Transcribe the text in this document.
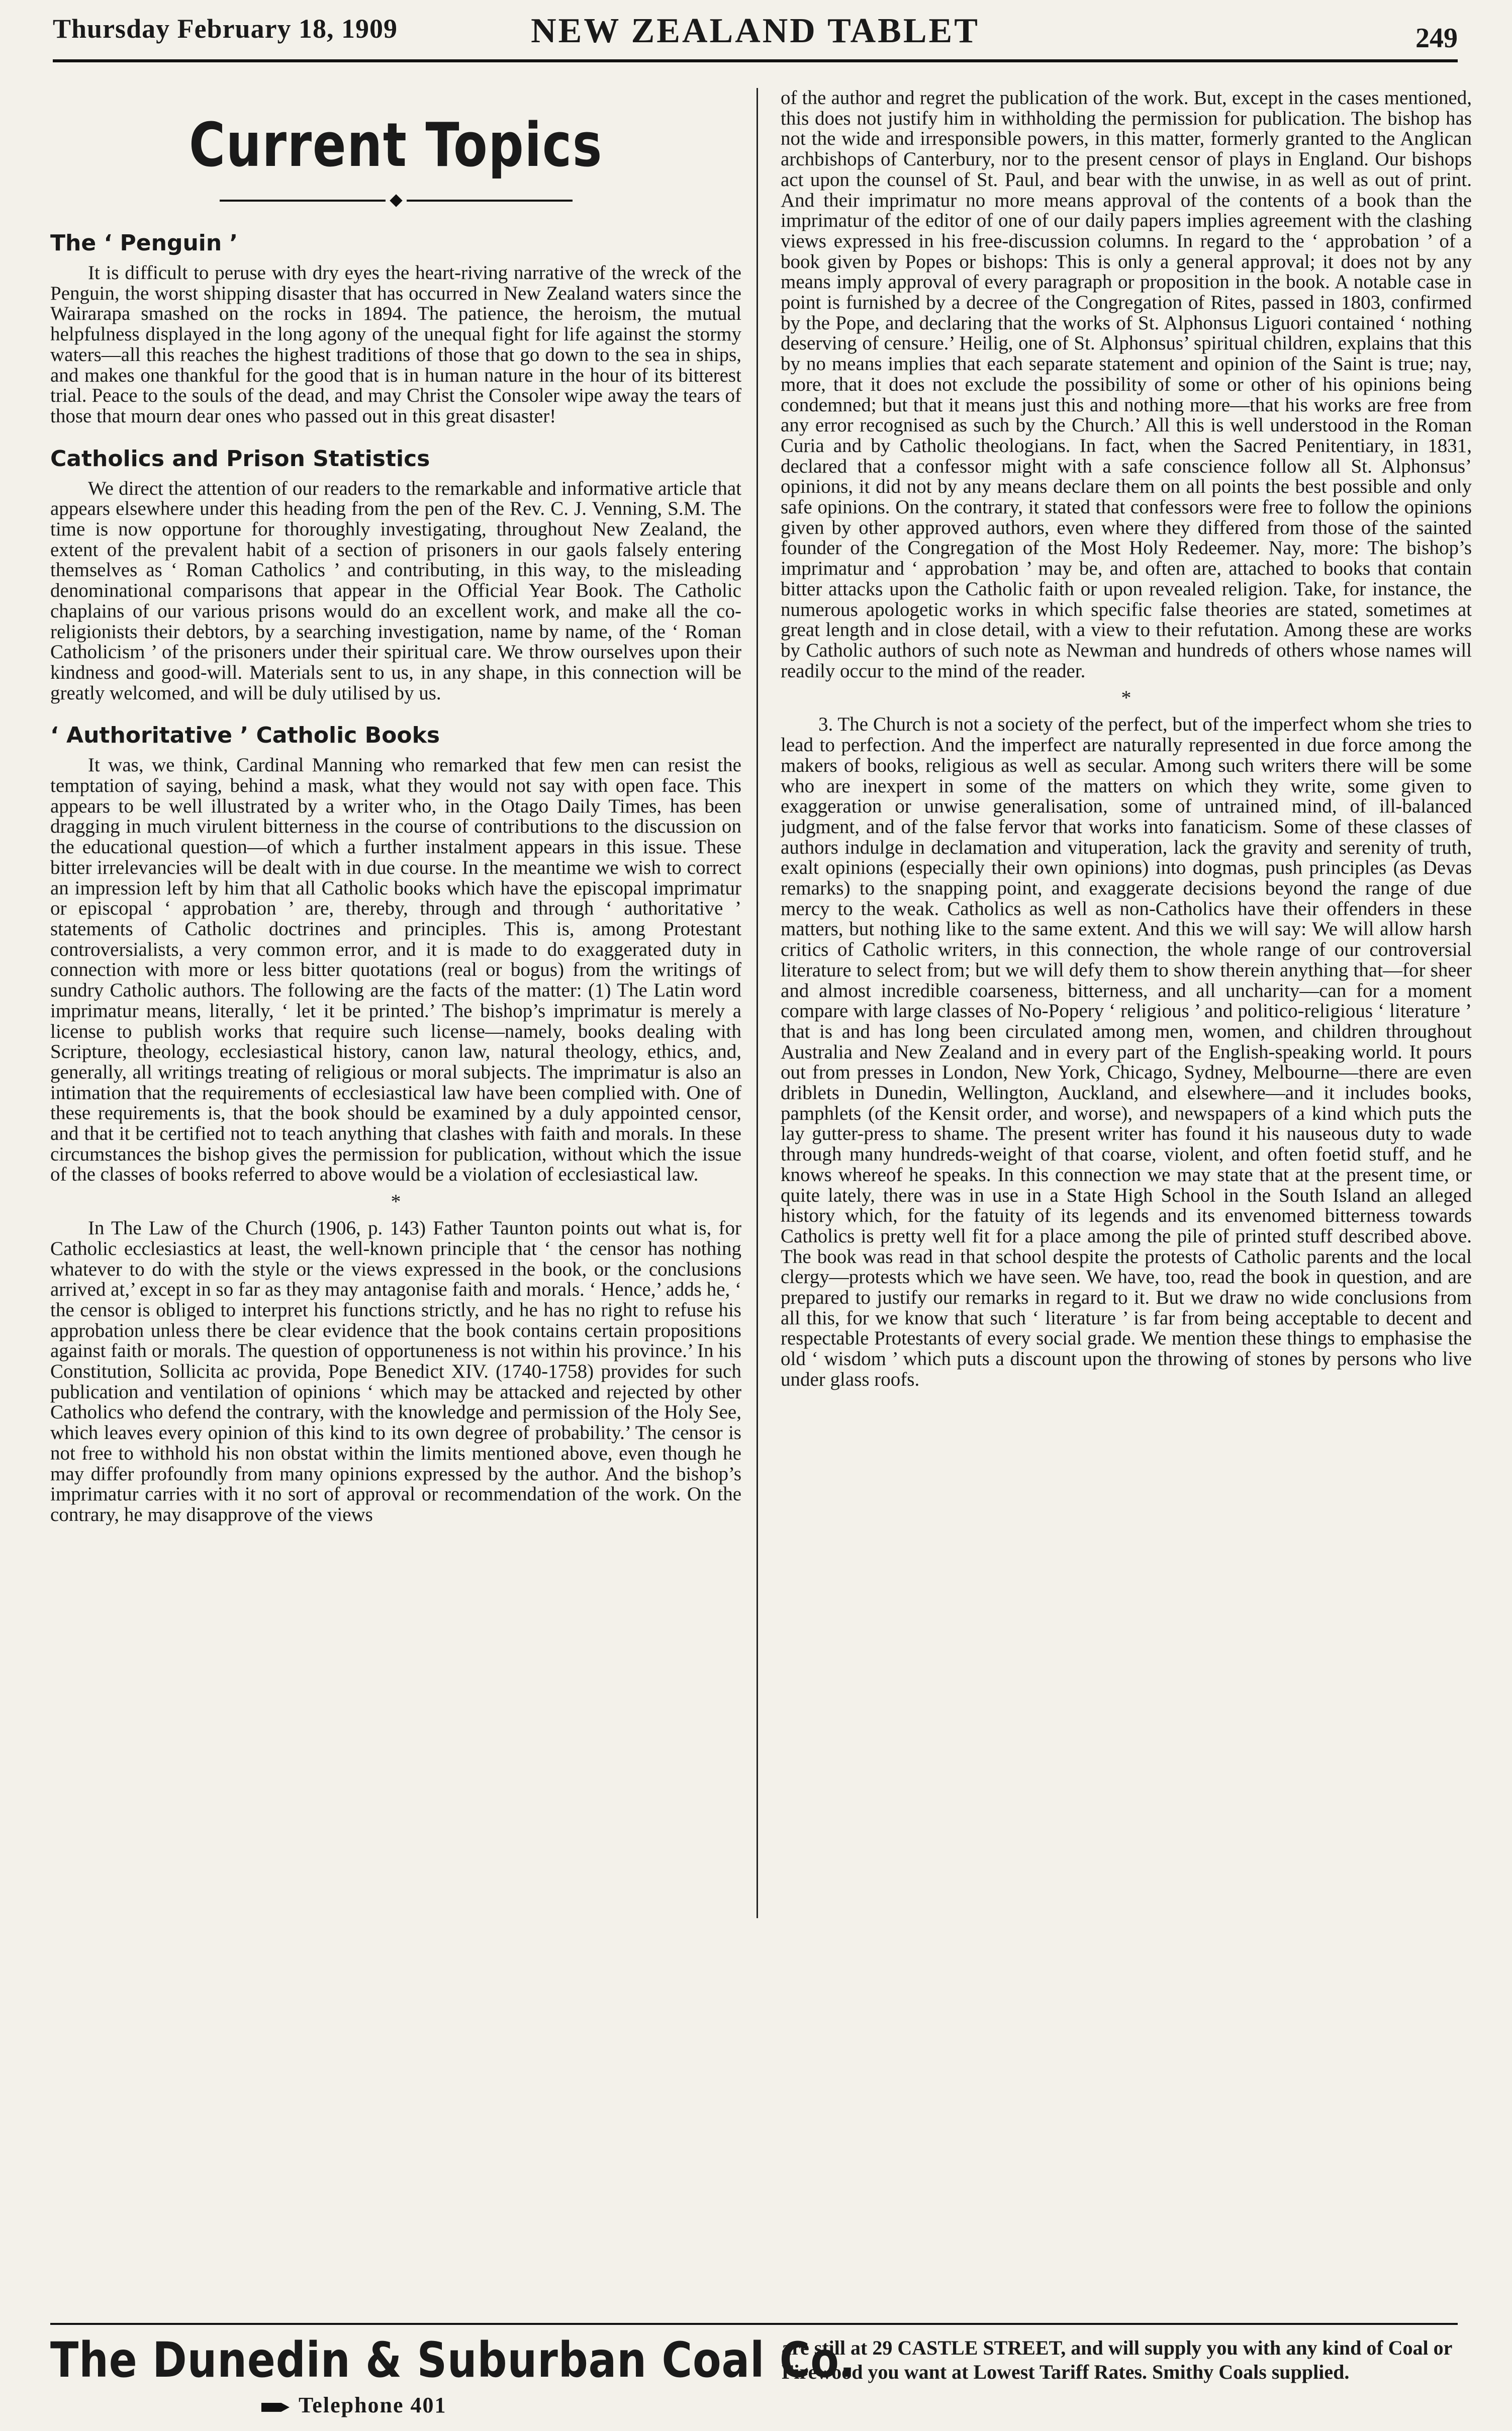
Thursday February 18, 1909	NEW ZEALAND TABLET	249
Current Topics
The ‘ Penguin ’

It is difficult to peruse with dry eyes the heart-riving narrative of the wreck of the Penguin, the worst shipping disaster that has occurred in New Zealand waters since the Wairarapa smashed on the rocks in 1894. The patience, the heroism, the mutual helpfulness displayed in the long agony of the unequal fight for life against the stormy waters—all this reaches the highest traditions of those that go down to the sea in ships, and makes one thankful for the good that is in human nature in the hour of its bitterest trial. Peace to the souls of the dead, and may Christ the Consoler wipe away the tears of those that mourn dear ones who passed out in this great disaster!

Catholics and Prison Statistics

We direct the attention of our readers to the remarkable and informative article that appears elsewhere under this heading from the pen of the Rev. C. J. Venning, S.M. The time is now opportune for thoroughly investigating, throughout New Zealand, the extent of the prevalent habit of a section of prisoners in our gaols falsely entering themselves as ‘ Roman Catholics ’ and contributing, in this way, to the misleading denominational comparisons that appear in the Official Year Book. The Catholic chaplains of our various prisons would do an excellent work, and make all the co-religionists their debtors, by a searching investigation, name by name, of the ‘ Roman Catholicism ’ of the prisoners under their spiritual care. We throw ourselves upon their kindness and good-will. Materials sent to us, in any shape, in this connection will be greatly welcomed, and will be duly utilised by us.

‘ Authoritative ’ Catholic Books

It was, we think, Cardinal Manning who remarked that few men can resist the temptation of saying, behind a mask, what they would not say with open face. This appears to be well illustrated by a writer who, in the Otago Daily Times, has been dragging in much virulent bitterness in the course of contributions to the discussion on the educational question—of which a further instalment appears in this issue. These bitter irrelevancies will be dealt with in due course. In the meantime we wish to correct an impression left by him that all Catholic books which have the episcopal imprimatur or episcopal ‘ approbation ’ are, thereby, through and through ‘ authoritative ’ statements of Catholic doctrines and principles. This is, among Protestant controversialists, a very common error, and it is made to do exaggerated duty in connection with more or less bitter quotations (real or bogus) from the writings of sundry Catholic authors. The following are the facts of the matter: (1) The Latin word imprimatur means, literally, ‘ let it be printed.’ The bishop’s imprimatur is merely a license to publish works that require such license—namely, books dealing with Scripture, theology, ecclesiastical history, canon law, natural theology, ethics, and, generally, all writings treating of religious or moral subjects. The imprimatur is also an intimation that the requirements of ecclesiastical law have been complied with. One of these requirements is, that the book should be examined by a duly appointed censor, and that it be certified not to teach anything that clashes with faith and morals. In these circumstances the bishop gives the permission for publication, without which the issue of the classes of books referred to above would be a violation of ecclesiastical law.

*

In The Law of the Church (1906, p. 143) Father Taunton points out what is, for Catholic ecclesiastics at least, the well-known principle that ‘ the censor has nothing whatever to do with the style or the views expressed in the book, or the conclusions arrived at,’ except in so far as they may antagonise faith and morals. ‘ Hence,’ adds he, ‘ the censor is obliged to interpret his functions strictly, and he has no right to refuse his approbation unless there be clear evidence that the book contains certain propositions against faith or morals. The question of opportuneness is not within his province.’ In his Constitution, Sollicita ac provida, Pope Benedict XIV. (1740-1758) provides for such publication and ventilation of opinions ‘ which may be attacked and rejected by other Catholics who defend the contrary, with the knowledge and permission of the Holy See, which leaves every opinion of this kind to its own degree of probability.’ The censor is not free to withhold his non obstat within the limits mentioned above, even though he may differ profoundly from many opinions expressed by the author. And the bishop’s imprimatur carries with it no sort of approval or recommendation of the work. On the contrary, he may disapprove of the views

of the author and regret the publication of the work. But, except in the cases mentioned, this does not justify him in withholding the permission for publication. The bishop has not the wide and irresponsible powers, in this matter, formerly granted to the Anglican archbishops of Canterbury, nor to the present censor of plays in England. Our bishops act upon the counsel of St. Paul, and bear with the unwise, in as well as out of print. And their imprimatur no more means approval of the contents of a book than the imprimatur of the editor of one of our daily papers implies agreement with the clashing views expressed in his free-discussion columns. In regard to the ‘ approbation ’ of a book given by Popes or bishops: This is only a general approval; it does not by any means imply approval of every paragraph or proposition in the book. A notable case in point is furnished by a decree of the Congregation of Rites, passed in 1803, confirmed by the Pope, and declaring that the works of St. Alphonsus Liguori contained ‘ nothing deserving of censure.’ Heilig, one of St. Alphonsus’ spiritual children, explains that this by no means implies that each separate statement and opinion of the Saint is true; nay, more, that it does not exclude the possibility of some or other of his opinions being condemned; but that it means just this and nothing more—that his works are free from any error recognised as such by the Church.’ All this is well understood in the Roman Curia and by Catholic theologians. In fact, when the Sacred Penitentiary, in 1831, declared that a confessor might with a safe conscience follow all St. Alphonsus’ opinions, it did not by any means declare them on all points the best possible and only safe opinions. On the contrary, it stated that confessors were free to follow the opinions given by other approved authors, even where they differed from those of the sainted founder of the Congregation of the Most Holy Redeemer. Nay, more: The bishop’s imprimatur and ‘ approbation ’ may be, and often are, attached to books that contain bitter attacks upon the Catholic faith or upon revealed religion. Take, for instance, the numerous apologetic works in which specific false theories are stated, sometimes at great length and in close detail, with a view to their refutation. Among these are works by Catholic authors of such note as Newman and hundreds of others whose names will readily occur to the mind of the reader.

*

3. The Church is not a society of the perfect, but of the imperfect whom she tries to lead to perfection. And the imperfect are naturally represented in due force among the makers of books, religious as well as secular. Among such writers there will be some who are inexpert in some of the matters on which they write, some given to exaggeration or unwise generalisation, some of untrained mind, of ill-balanced judgment, and of the false fervor that works into fanaticism. Some of these classes of authors indulge in declamation and vituperation, lack the gravity and serenity of truth, exalt opinions (especially their own opinions) into dogmas, push principles (as Devas remarks) to the snapping point, and exaggerate decisions beyond the range of due mercy to the weak. Catholics as well as non-Catholics have their offenders in these matters, but nothing like to the same extent. And this we will say: We will allow harsh critics of Catholic writers, in this connection, the whole range of our controversial literature to select from; but we will defy them to show therein anything that—for sheer and almost incredible coarseness, bitterness, and all uncharity—can for a moment compare with large classes of No-Popery ‘ religious ’ and politico-religious ‘ literature ’ that is and has long been circulated among men, women, and children throughout Australia and New Zealand and in every part of the English-speaking world. It pours out from presses in London, New York, Chicago, Sydney, Melbourne—there are even driblets in Dunedin, Wellington, Auckland, and elsewhere—and it includes books, pamphlets (of the Kensit order, and worse), and newspapers of a kind which puts the lay gutter-press to shame. The present writer has found it his nauseous duty to wade through many hundreds-weight of that coarse, violent, and often foetid stuff, and he knows whereof he speaks. In this connection we may state that at the present time, or quite lately, there was in use in a State High School in the South Island an alleged history which, for the fatuity of its legends and its envenomed bitterness towards Catholics is pretty well fit for a place among the pile of printed stuff described above. The book was read in that school despite the protests of Catholic parents and the local clergy—protests which we have seen. We have, too, read the book in question, and are prepared to justify our remarks in regard to it. But we draw no wide conclusions from all this, for we know that such ‘ literature ’ is far from being acceptable to decent and respectable Protestants of every social grade. We mention these things to emphasise the old ‘ wisdom ’ which puts a discount upon the throwing of stones by persons who live under glass roofs.

The Dunedin & Suburban Coal Co.
Telephone 401
are still at 29 CASTLE STREET, and will supply you with any kind of Coal or Firewood you want at Lowest Tariff Rates. Smithy Coals supplied.
